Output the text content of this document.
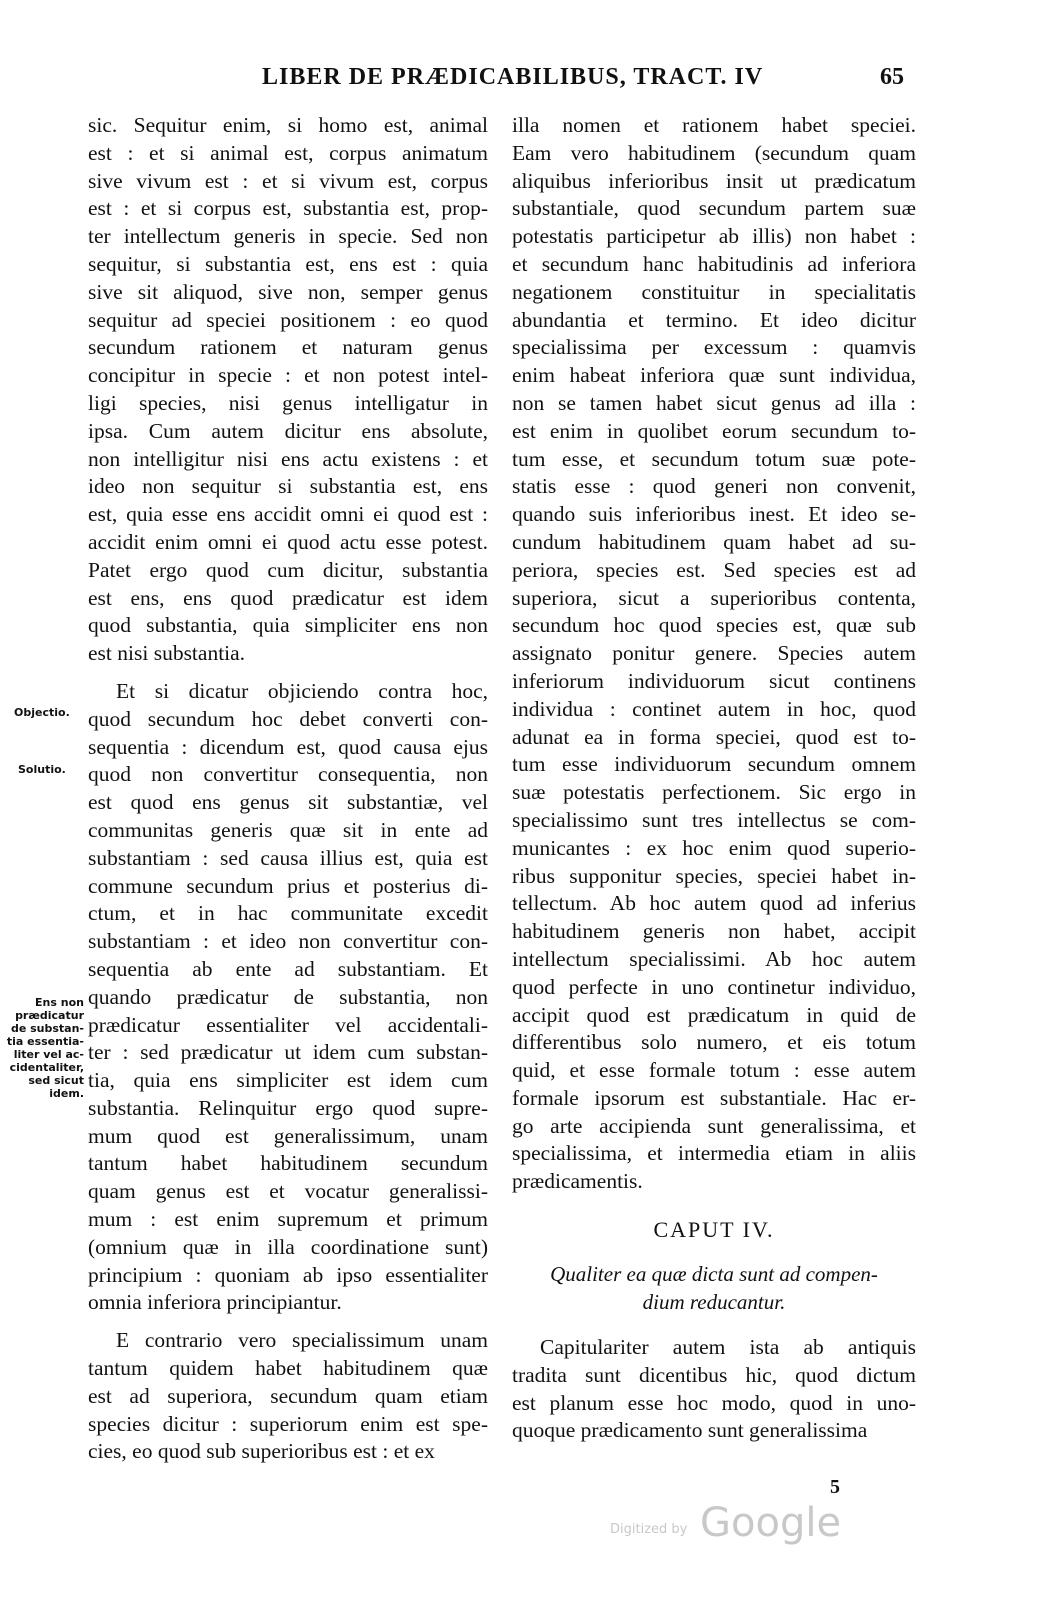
LIBER DE PRÆDICABILIBUS, TRACT. IV	65
Objectio.
Solutio.
Ens non
prædicatur
de substan-
tia essentia-
liter vel ac-
cidentaliter,
sed sicut
idem.
sic. Sequitur enim, si homo est, animal
est : et si animal est, corpus animatum
sive vivum est : et si vivum est, corpus
est : et si corpus est, substantia est, prop-
ter intellectum generis in specie. Sed non
sequitur, si substantia est, ens est : quia
sive sit aliquod, sive non, semper genus
sequitur ad speciei positionem : eo quod
secundum rationem et naturam genus
concipitur in specie : et non potest intel-
ligi species, nisi genus intelligatur in
ipsa. Cum autem dicitur ens absolute,
non intelligitur nisi ens actu existens : et
ideo non sequitur si substantia est, ens
est, quia esse ens accidit omni ei quod est :
accidit enim omni ei quod actu esse potest.
Patet ergo quod cum dicitur, substantia
est ens, ens quod prædicatur est idem
quod substantia, quia simpliciter ens non
est nisi substantia.
Et si dicatur objiciendo contra hoc,
quod secundum hoc debet converti con-
sequentia : dicendum est, quod causa ejus
quod non convertitur consequentia, non
est quod ens genus sit substantiæ, vel
communitas generis quæ sit in ente ad
substantiam : sed causa illius est, quia est
commune secundum prius et posterius di-
ctum, et in hac communitate excedit
substantiam : et ideo non convertitur con-
sequentia ab ente ad substantiam. Et
quando prædicatur de substantia, non
prædicatur essentialiter vel accidentali-
ter : sed prædicatur ut idem cum substan-
tia, quia ens simpliciter est idem cum
substantia. Relinquitur ergo quod supre-
mum quod est generalissimum, unam
tantum habet habitudinem secundum
quam genus est et vocatur generalissi-
mum : est enim supremum et primum
(omnium quæ in illa coordinatione sunt)
principium : quoniam ab ipso essentialiter
omnia inferiora principiantur.
E contrario vero specialissimum unam
tantum quidem habet habitudinem quæ
est ad superiora, secundum quam etiam
species dicitur : superiorum enim est spe-
cies, eo quod sub superioribus est : et ex
illa nomen et rationem habet speciei.
Eam vero habitudinem (secundum quam
aliquibus inferioribus insit ut prædicatum
substantiale, quod secundum partem suæ
potestatis participetur ab illis) non habet :
et secundum hanc habitudinis ad inferiora
negationem constituitur in specialitatis
abundantia et termino. Et ideo dicitur
specialissima per excessum : quamvis
enim habeat inferiora quæ sunt individua,
non se tamen habet sicut genus ad illa :
est enim in quolibet eorum secundum to-
tum esse, et secundum totum suæ pote-
statis esse : quod generi non convenit,
quando suis inferioribus inest. Et ideo se-
cundum habitudinem quam habet ad su-
periora, species est. Sed species est ad
superiora, sicut a superioribus contenta,
secundum hoc quod species est, quæ sub
assignato ponitur genere. Species autem
inferiorum individuorum sicut continens
individua : continet autem in hoc, quod
adunat ea in forma speciei, quod est to-
tum esse individuorum secundum omnem
suæ potestatis perfectionem. Sic ergo in
specialissimo sunt tres intellectus se com-
municantes : ex hoc enim quod superio-
ribus supponitur species, speciei habet in-
tellectum. Ab hoc autem quod ad inferius
habitudinem generis non habet, accipit
intellectum specialissimi. Ab hoc autem
quod perfecte in uno continetur individuo,
accipit quod est prædicatum in quid de
differentibus solo numero, et eis totum
quid, et esse formale totum : esse autem
formale ipsorum est substantiale. Hac er-
go arte accipienda sunt generalissima, et
specialissima, et intermedia etiam in aliis
prædicamentis.
CAPUT IV.
Qualiter ea quæ dicta sunt ad compen-
dium reducantur.
Capitulariter autem ista ab antiquis
tradita sunt dicentibus hic, quod dictum
est planum esse hoc modo, quod in uno-
quoque prædicamento sunt generalissima
5
Digitized by Google
